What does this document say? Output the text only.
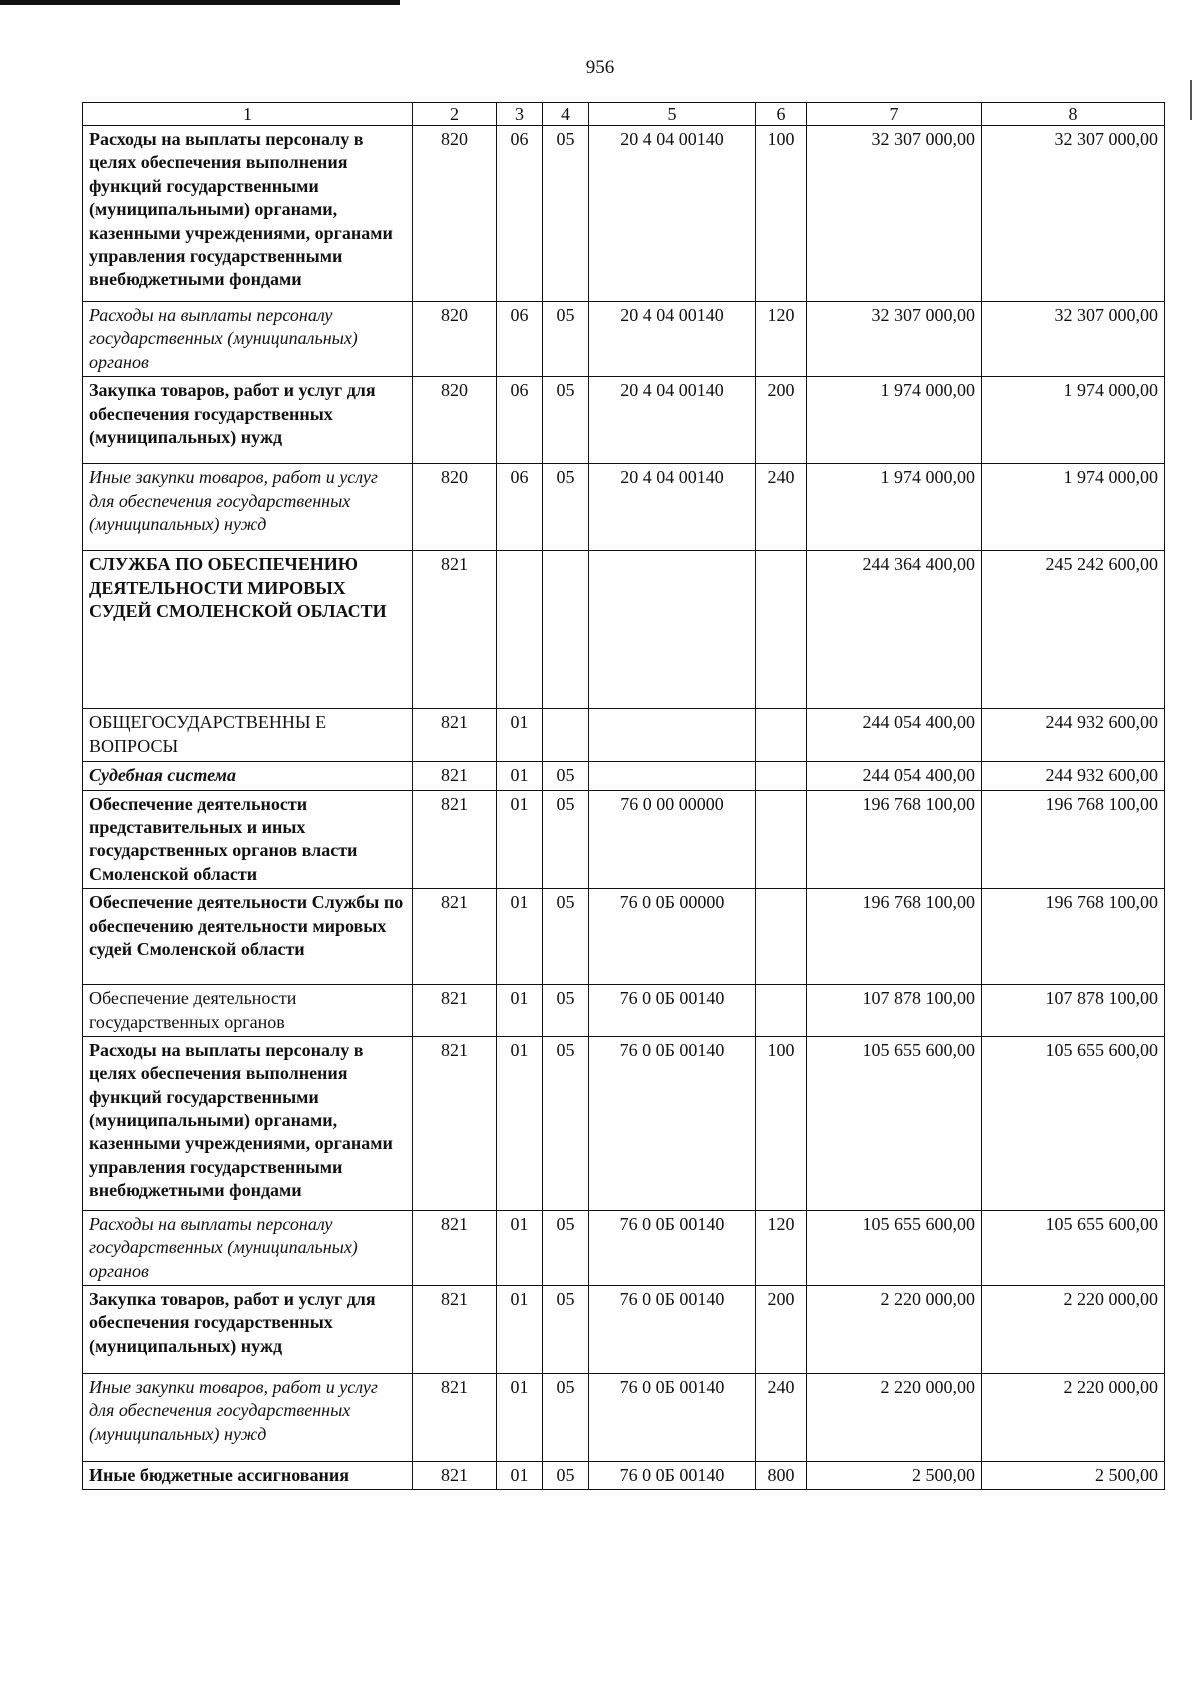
956
1	2	3	4	5	6	7	8
Расходы на выплаты персоналу в целях обеспечения выполнения функций государственными (муниципальными) органами, казенными учреждениями, органами управления государственными внебюджетными фондами	820	06	05	20 4 04 00140	100	32 307 000,00	32 307 000,00
Расходы на выплаты персоналу государственных (муниципальных) органов	820	06	05	20 4 04 00140	120	32 307 000,00	32 307 000,00
Закупка товаров, работ и услуг для обеспечения государственных (муниципальных) нужд	820	06	05	20 4 04 00140	200	1 974 000,00	1 974 000,00
Иные закупки товаров, работ и услуг для обеспечения государственных (муниципальных) нужд	820	06	05	20 4 04 00140	240	1 974 000,00	1 974 000,00
СЛУЖБА ПО ОБЕСПЕЧЕНИЮ ДЕЯТЕЛЬНОСТИ МИРОВЫХ СУДЕЙ СМОЛЕНСКОЙ ОБЛАСТИ	821					244 364 400,00	245 242 600,00
ОБЩЕГОСУДАРСТВЕННЫ Е ВОПРОСЫ	821	01				244 054 400,00	244 932 600,00
Судебная система	821	01	05			244 054 400,00	244 932 600,00
Обеспечение деятельности представительных и иных государственных органов власти Смоленской области	821	01	05	76 0 00 00000		196 768 100,00	196 768 100,00
Обеспечение деятельности Службы по обеспечению деятельности мировых судей Смоленской области	821	01	05	76 0 0Б 00000		196 768 100,00	196 768 100,00
Обеспечение деятельности государственных органов	821	01	05	76 0 0Б 00140		107 878 100,00	107 878 100,00
Расходы на выплаты персоналу в целях обеспечения выполнения функций государственными (муниципальными) органами, казенными учреждениями, органами управления государственными внебюджетными фондами	821	01	05	76 0 0Б 00140	100	105 655 600,00	105 655 600,00
Расходы на выплаты персоналу государственных (муниципальных) органов	821	01	05	76 0 0Б 00140	120	105 655 600,00	105 655 600,00
Закупка товаров, работ и услуг для обеспечения государственных (муниципальных) нужд	821	01	05	76 0 0Б 00140	200	2 220 000,00	2 220 000,00
Иные закупки товаров, работ и услуг для обеспечения государственных (муниципальных) нужд	821	01	05	76 0 0Б 00140	240	2 220 000,00	2 220 000,00
Иные бюджетные ассигнования	821	01	05	76 0 0Б 00140	800	2 500,00	2 500,00
